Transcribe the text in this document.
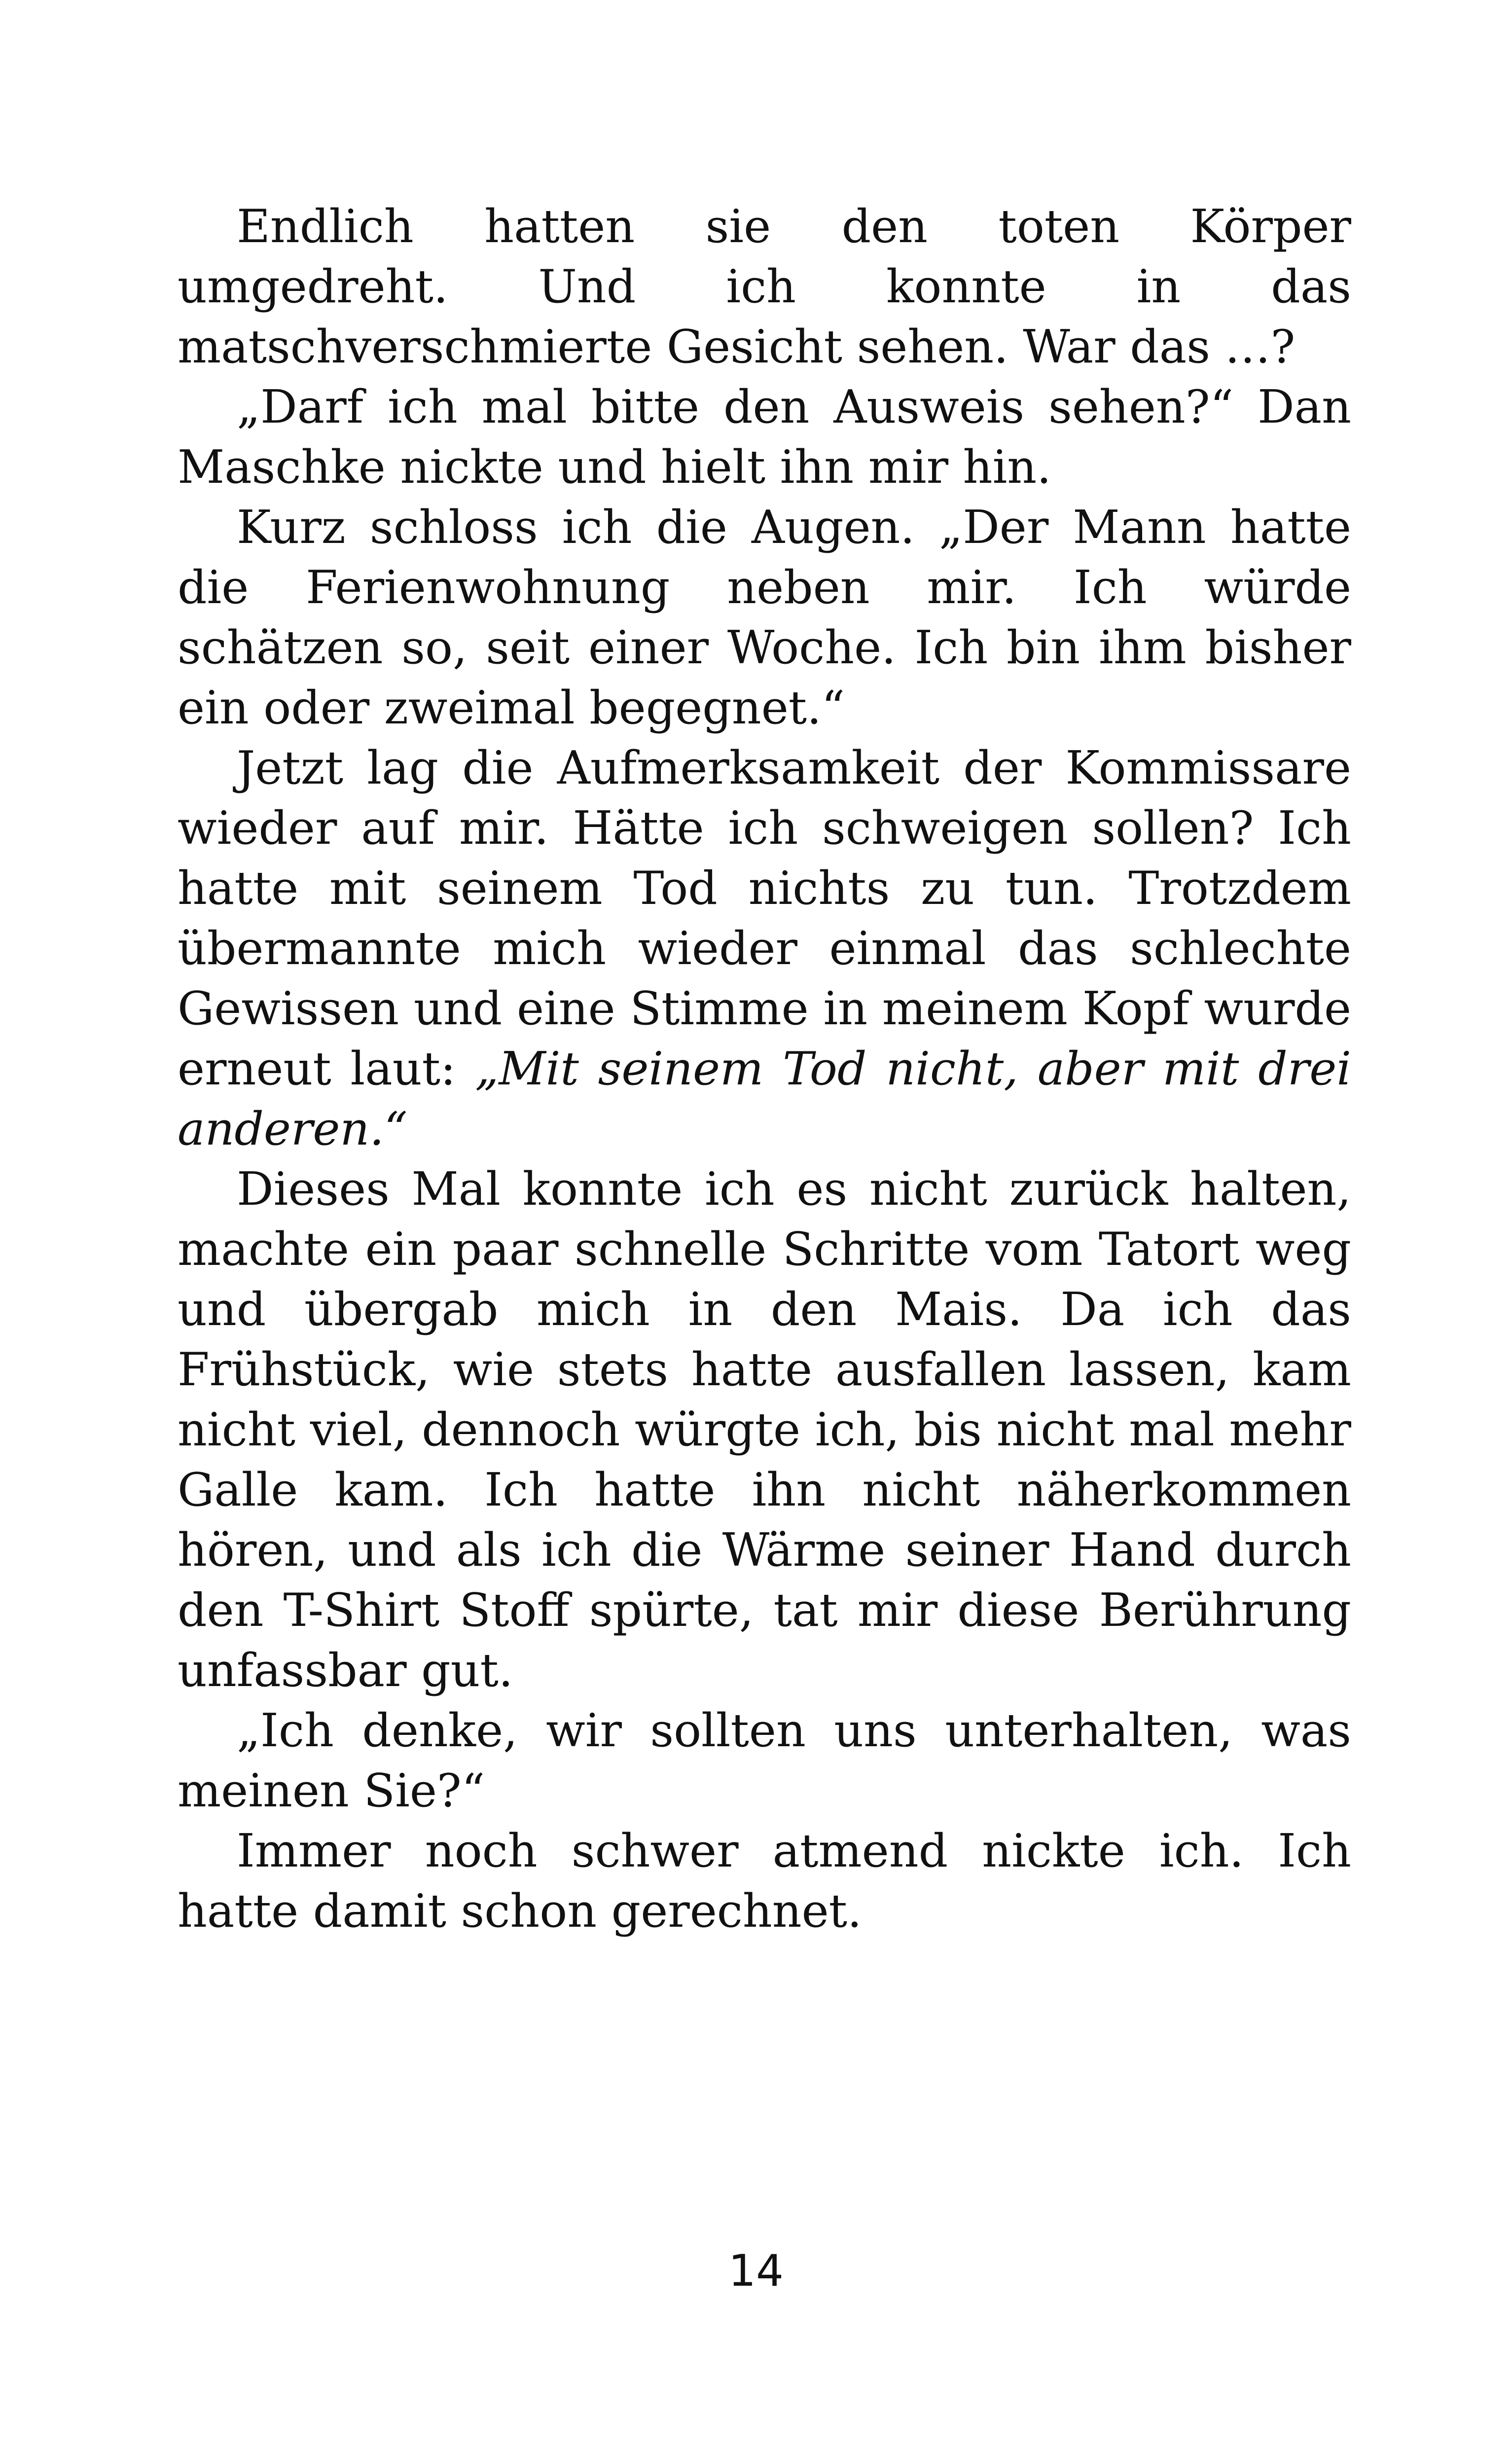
Endlich hatten sie den toten Körper umgedreht. Und ich konnte in das matschverschmierte Gesicht sehen. War das …?

„Darf ich mal bitte den Ausweis sehen?“ Dan Maschke nickte und hielt ihn mir hin.

Kurz schloss ich die Augen. „Der Mann hatte die Ferienwohnung neben mir. Ich würde schätzen so, seit einer Woche. Ich bin ihm bisher ein oder zweimal begegnet.“

Jetzt lag die Aufmerksamkeit der Kommissare wieder auf mir. Hätte ich schweigen sollen? Ich hatte mit seinem Tod nichts zu tun. Trotzdem übermannte mich wieder einmal das schlechte Gewissen und eine Stimme in meinem Kopf wurde erneut laut: „Mit seinem Tod nicht, aber mit drei anderen.“

Dieses Mal konnte ich es nicht zurück halten, machte ein paar schnelle Schritte vom Tatort weg und übergab mich in den Mais. Da ich das Frühstück, wie stets hatte ausfallen lassen, kam nicht viel, dennoch würgte ich, bis nicht mal mehr Galle kam. Ich hatte ihn nicht näherkommen hören, und als ich die Wärme seiner Hand durch den T-Shirt Stoff spürte, tat mir diese Berührung unfassbar gut.

„Ich denke, wir sollten uns unterhalten, was meinen Sie?“

Immer noch schwer atmend nickte ich. Ich hatte damit schon gerechnet.

14
